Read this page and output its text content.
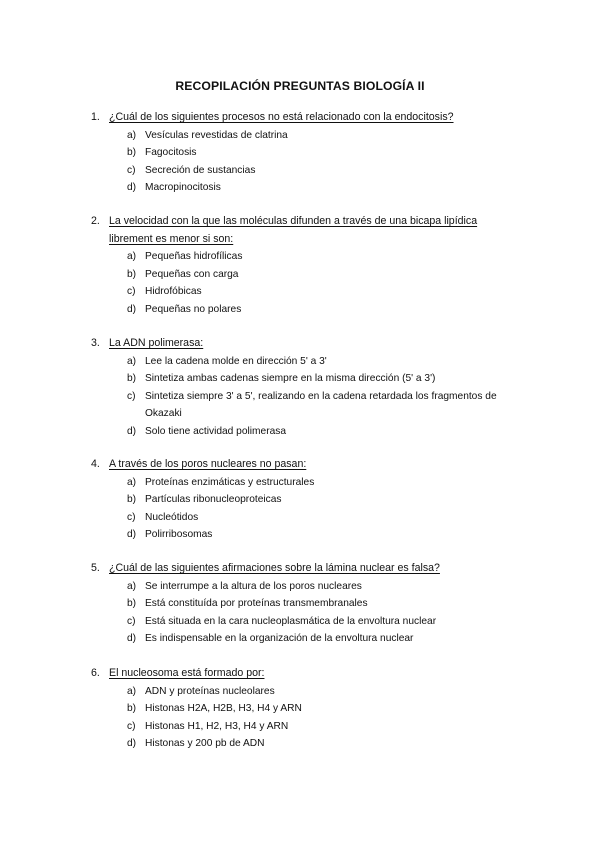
RECOPILACIÓN PREGUNTAS BIOLOGÍA II
1. ¿Cuál de los siguientes procesos no está relacionado con la endocitosis?
a) Vesículas revestidas de clatrina
b) Fagocitosis
c) Secreción de sustancias
d) Macropinocitosis
2. La velocidad con la que las moléculas difunden a través de una bicapa lipídica librement es menor si son:
a) Pequeñas hidrofílicas
b) Pequeñas con carga
c) Hidrofóbicas
d) Pequeñas no polares
3. La ADN polimerasa:
a) Lee la cadena molde en dirección 5' a 3'
b) Sintetiza ambas cadenas siempre en la misma dirección (5' a 3')
c) Sintetiza siempre 3' a 5', realizando en la cadena retardada los fragmentos de Okazaki
d) Solo tiene actividad polimerasa
4. A través de los poros nucleares no pasan:
a) Proteínas enzimáticas y estructurales
b) Partículas ribonucleoproteicas
c) Nucleótidos
d) Polirribosomas
5. ¿Cuál de las siguientes afirmaciones sobre la lámina nuclear es falsa?
a) Se interrumpe a la altura de los poros nucleares
b) Está constituída por proteínas transmembranales
c) Está situada en la cara nucleoplasmática de la envoltura nuclear
d) Es indispensable en la organización de la envoltura nuclear
6. El nucleosoma está formado por:
a) ADN y proteínas nucleolares
b) Histonas H2A, H2B, H3, H4 y ARN
c) Histonas H1, H2, H3, H4 y ARN
d) Histonas y 200 pb de ADN
